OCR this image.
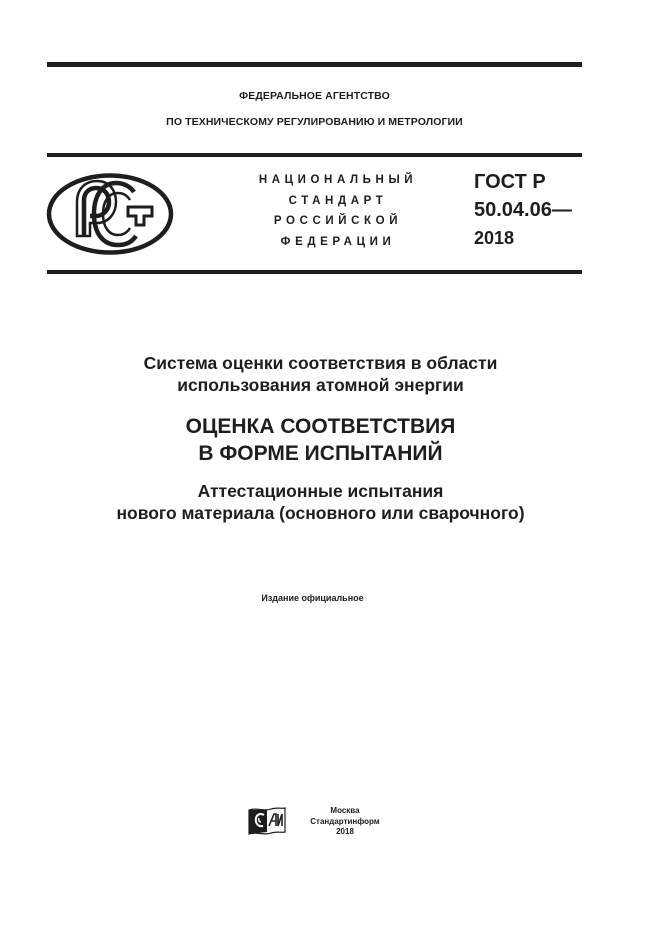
ФЕДЕРАЛЬНОЕ АГЕНТСТВО
ПО ТЕХНИЧЕСКОМУ РЕГУЛИРОВАНИЮ И МЕТРОЛОГИИ
НАЦИОНАЛЬНЫЙ
СТАНДАРТ
РОССИЙСКОЙ
ФЕДЕРАЦИИ
ГОСТ Р
50.04.06—
2018
Система оценки соответствия в области
использования атомной энергии
ОЦЕНКА СООТВЕТСТВИЯ
В ФОРМЕ ИСПЫТАНИЙ
Аттестационные испытания
нового материала (основного или сварочного)
Издание официальное
Москва
Стандартинформ
2018
